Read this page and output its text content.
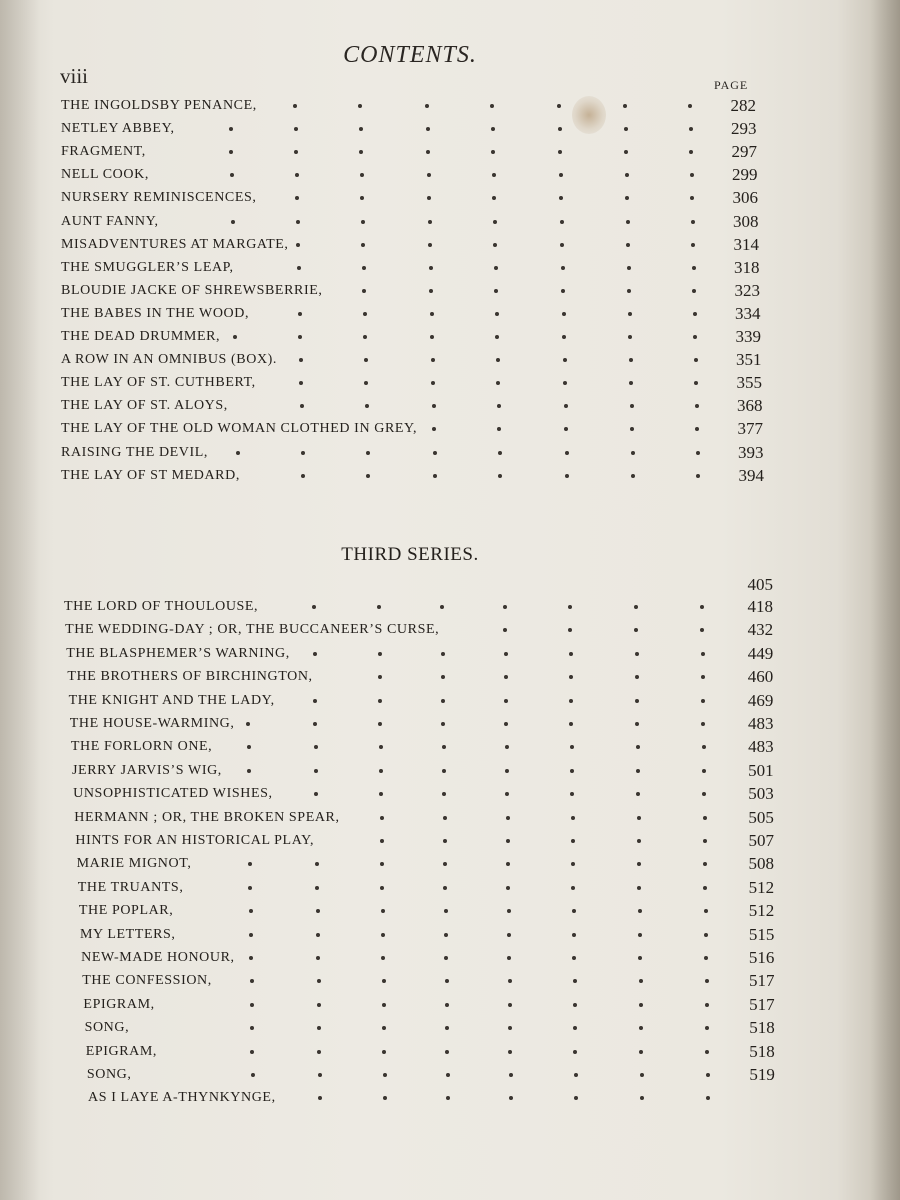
CONTENTS.
viii	PAGE
THE INGOLDSBY PENANCE,	282
NETLEY ABBEY,	293
FRAGMENT,	297
NELL COOK,	299
NURSERY REMINISCENCES,	306
AUNT FANNY,	308
MISADVENTURES AT MARGATE,	314
THE SMUGGLER’S LEAP,	318
BLOUDIE JACKE OF SHREWSBERRIE,	323
THE BABES IN THE WOOD,	334
THE DEAD DRUMMER,	339
A ROW IN AN OMNIBUS (BOX).	351
THE LAY OF ST. CUTHBERT,	355
THE LAY OF ST. ALOYS,	368
THE LAY OF THE OLD WOMAN CLOTHED IN GREY,	377
RAISING THE DEVIL,	393
THE LAY OF ST MEDARD,	394
THIRD SERIES.
405
THE LORD OF THOULOUSE,	418
THE WEDDING-DAY ; OR, THE BUCCANEER’S CURSE,	432
THE BLASPHEMER’S WARNING,	449
THE BROTHERS OF BIRCHINGTON,	460
THE KNIGHT AND THE LADY,	469
THE HOUSE-WARMING,	483
THE FORLORN ONE,	483
JERRY JARVIS’S WIG,	501
UNSOPHISTICATED WISHES,	503
HERMANN ; OR, THE BROKEN SPEAR,	505
HINTS FOR AN HISTORICAL PLAY,	507
MARIE MIGNOT,	508
THE TRUANTS,	512
THE POPLAR,	512
MY LETTERS,	515
NEW-MADE HONOUR,	516
THE CONFESSION,	517
EPIGRAM,	517
SONG,	518
EPIGRAM,	518
SONG,	519
AS I LAYE A-THYNKYNGE,
